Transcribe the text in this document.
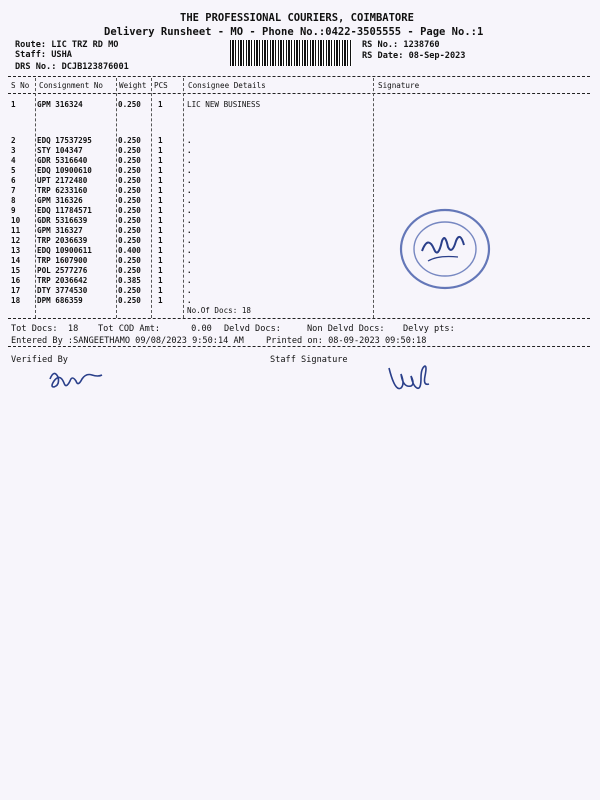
THE PROFESSIONAL COURIERS, COIMBATORE
Delivery Runsheet - MO - Phone No.:0422-3505555 - Page No.:1
Route: LIC TRZ RD MO
Staff: USHA
DRS No.: DCJB123876001
RS No.: 1238760
RS Date: 08-Sep-2023
S No Consignment No Weight PCS	Consignee Details	Signature
1	GPM 316324	0.250 1	LIC NEW BUSINESS
2	EDQ 17537295	0.250 1	.
3	STY 104347	0.250 1	.
4	GDR 5316640	0.250 1	.
5	EDQ 10900610	0.250 1	.
6	UPT 2172480	0.250 1	.
7	TRP 6233160	0.250 1	.
8	GPM 316326	0.250 1	.
9	EDQ 11784571	0.250 1	.
10 GDR 5316639	0.250 1	.
11 GPM 316327	0.250 1	.
12 TRP 2036639	0.250 1	.
13 EDQ 10900611	0.400 1	.
14 TRP 1607900	0.250 1	.
15 POL 2577276	0.250 1	.
16 TRP 2036642	0.385 1	.
17 DTY 3774530	0.250 1	.
18 DPM 686359	0.250 1	.
No.Of Docs: 18
Tot Docs:  18 Tot COD Amt:      0.00 Delvd Docs:	Non Delvd Docs: Delvy pts:
Entered By :SANGEETHAMO 09/08/2023 9:50:14 AM	Printed on: 08-09-2023 09:50:18
Verified By	Staff Signature
